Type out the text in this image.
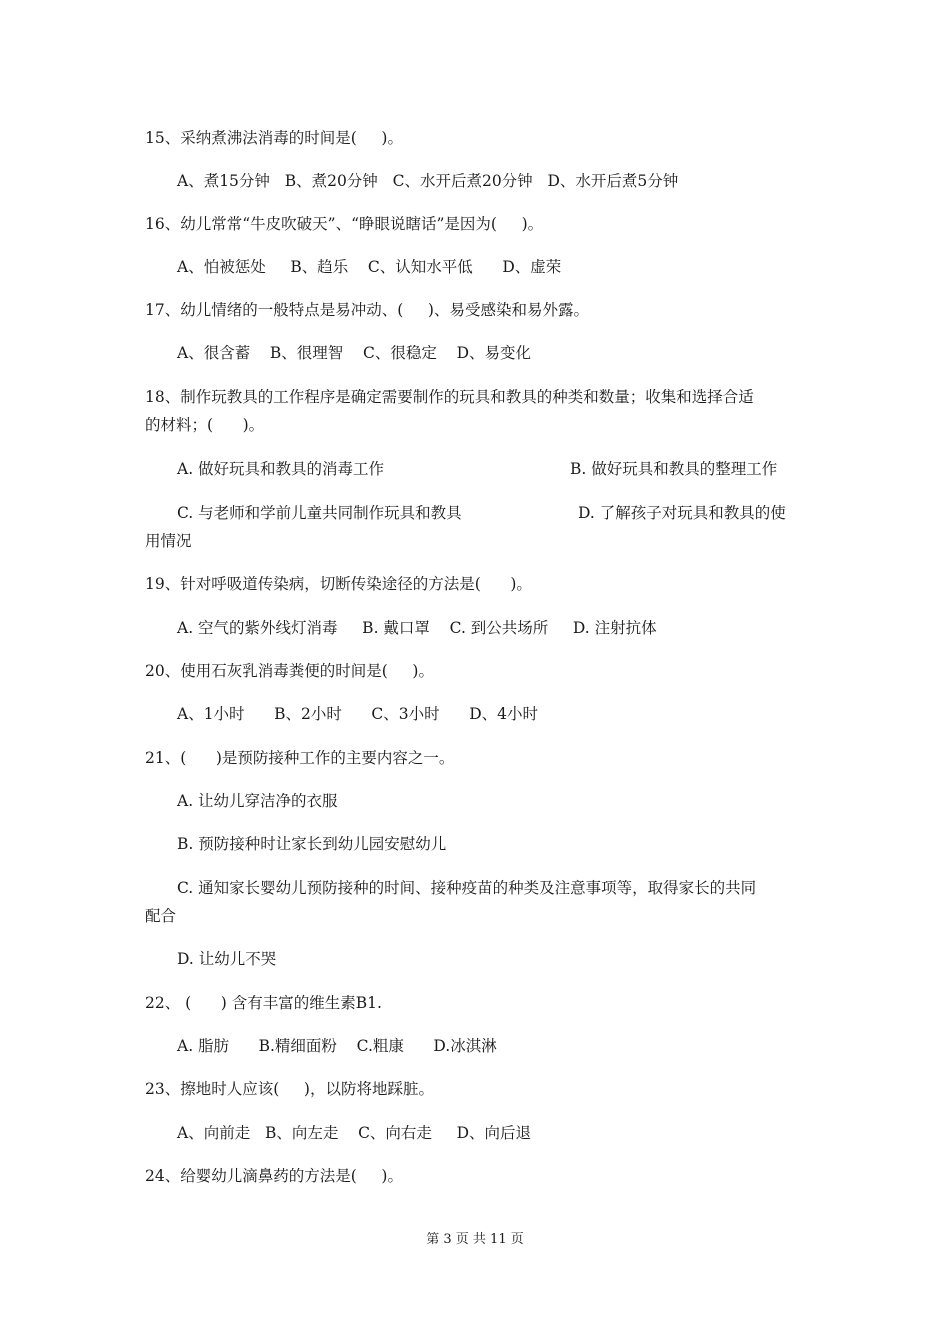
15、采纳煮沸法消毒的时间是(     )。
A、煮15分钟   B、煮20分钟   C、水开后煮20分钟   D、水开后煮5分钟
16、幼儿常常“牛皮吹破天”、“睁眼说瞎话”是因为(     )。
A、怕被惩处     B、趋乐    C、认知水平低      D、虚荣
17、幼儿情绪的一般特点是易冲动、(     )、易受感染和易外露。
A、很含蓄    B、很理智    C、很稳定    D、易变化
18、制作玩教具的工作程序是确定需要制作的玩具和教具的种类和数量；收集和选择合适
的材料；(      )。
A. 做好玩具和教具的消毒工作	B. 做好玩具和教具的整理工作
C. 与老师和学前儿童共同制作玩具和教具	D. 了解孩子对玩具和教具的使
用情况
19、针对呼吸道传染病，切断传染途径的方法是(      )。
A. 空气的紫外线灯消毒     B. 戴口罩    C. 到公共场所     D. 注射抗体
20、使用石灰乳消毒粪便的时间是(     )。
A、1小时      B、2小时      C、3小时      D、4小时
21、(      )是预防接种工作的主要内容之一。
A. 让幼儿穿洁净的衣服
B. 预防接种时让家长到幼儿园安慰幼儿
C. 通知家长婴幼儿预防接种的时间、接种疫苗的种类及注意事项等，取得家长的共同
配合
D. 让幼儿不哭
22、 (      ) 含有丰富的维生素B1.
A. 脂肪      B.精细面粉    C.粗康      D.冰淇淋
23、擦地时人应该(     )，以防将地踩脏。
A、向前走   B、向左走    C、向右走     D、向后退
24、给婴幼儿滴鼻药的方法是(     )。
第 3 页 共 11 页
